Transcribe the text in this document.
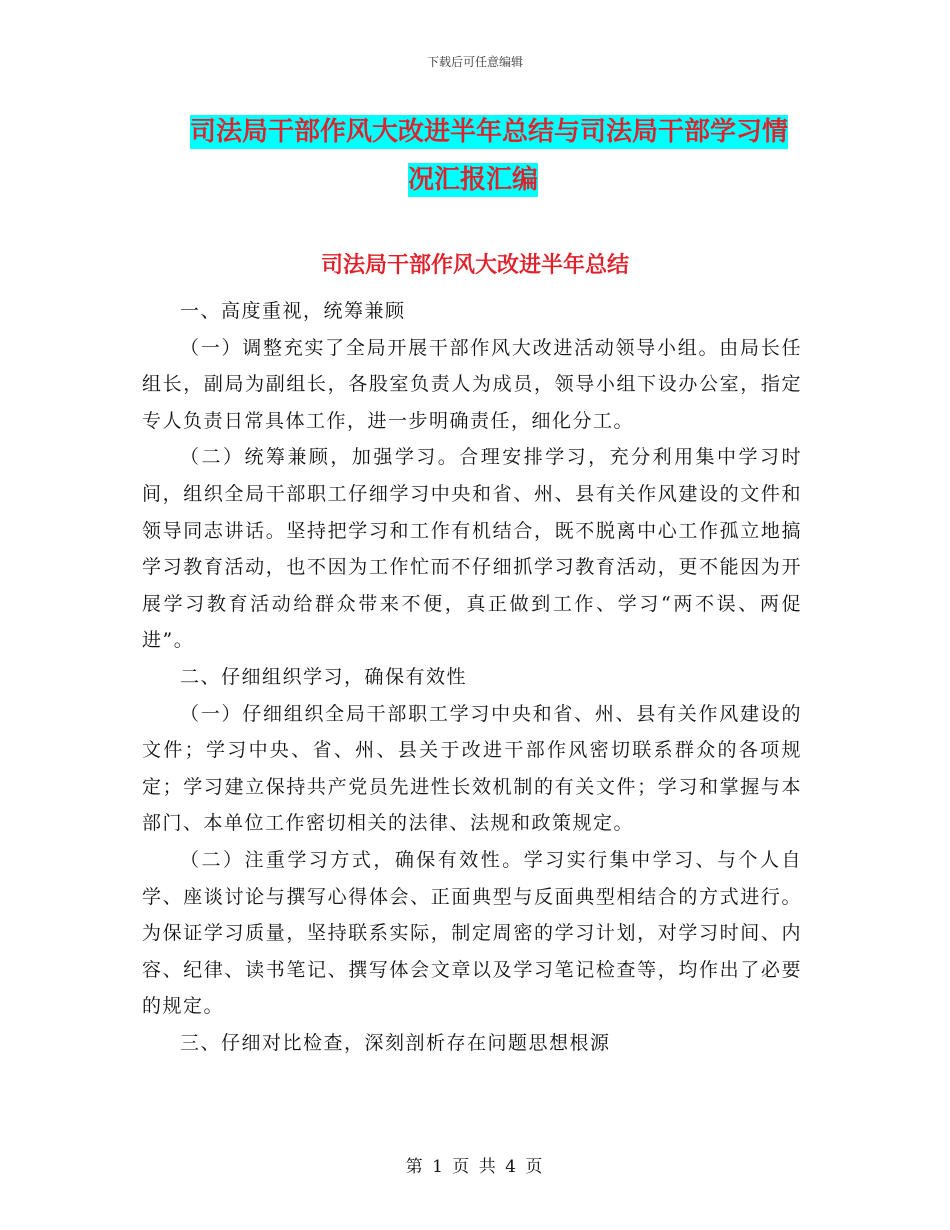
下载后可任意编辑
司法局干部作风大改进半年总结与司法局干部学习情
况汇报汇编
司法局干部作风大改进半年总结

一、高度重视，统筹兼顾

（一）调整充实了全局开展干部作风大改进活动领导小组。由局长任组长，副局为副组长，各股室负责人为成员，领导小组下设办公室，指定专人负责日常具体工作，进一步明确责任，细化分工。

（二）统筹兼顾，加强学习。合理安排学习，充分利用集中学习时间，组织全局干部职工仔细学习中央和省、州、县有关作风建设的文件和领导同志讲话。坚持把学习和工作有机结合，既不脱离中心工作孤立地搞学习教育活动，也不因为工作忙而不仔细抓学习教育活动，更不能因为开展学习教育活动给群众带来不便，真正做到工作、学习“两不误、两促进”。

二、仔细组织学习，确保有效性

（一）仔细组织全局干部职工学习中央和省、州、县有关作风建设的文件；学习中央、省、州、县关于改进干部作风密切联系群众的各项规定；学习建立保持共产党员先进性长效机制的有关文件；学习和掌握与本部门、本单位工作密切相关的法律、法规和政策规定。

（二）注重学习方式，确保有效性。学习实行集中学习、与个人自学、座谈讨论与撰写心得体会、正面典型与反面典型相结合的方式进行。为保证学习质量，坚持联系实际，制定周密的学习计划，对学习时间、内容、纪律、读书笔记、撰写体会文章以及学习笔记检查等，均作出了必要的规定。

三、仔细对比检查，深刻剖析存在问题思想根源

第 1 页 共 4 页
